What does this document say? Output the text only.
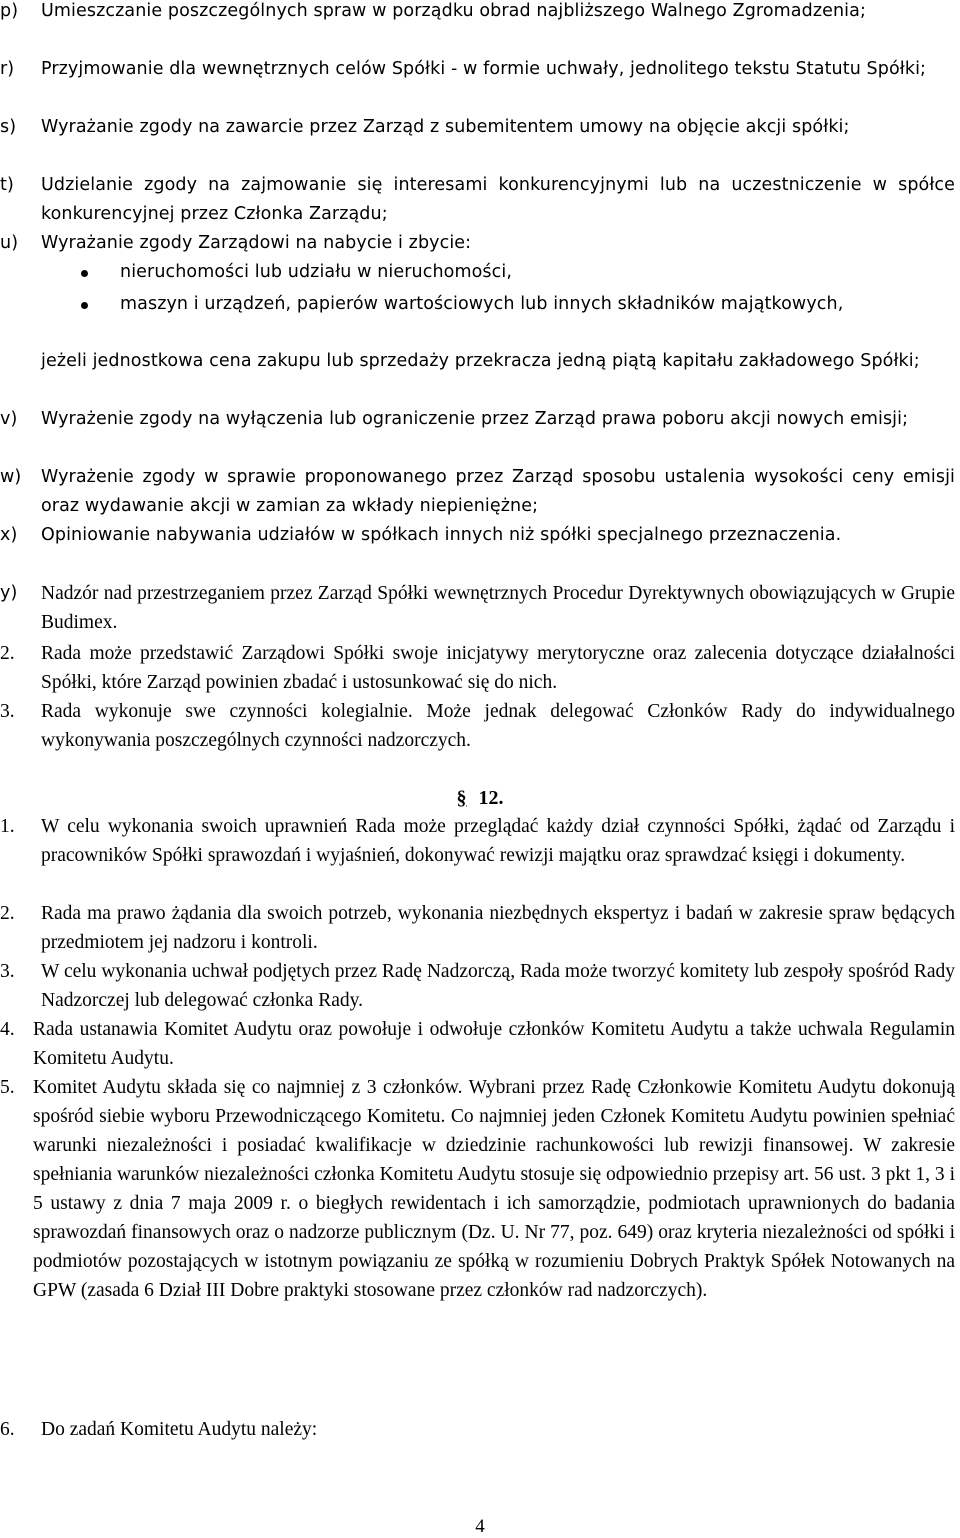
p) Umieszczanie poszczególnych spraw w porządku obrad najbliższego Walnego Zgromadzenia;
r) Przyjmowanie dla wewnętrznych celów Spółki - w formie uchwały, jednolitego tekstu Statutu Spółki;
s) Wyrażanie zgody na zawarcie przez Zarząd z subemitentem umowy na objęcie akcji spółki;
t) Udzielanie zgody na zajmowanie się interesami konkurencyjnymi lub na uczestniczenie w spółce konkurencyjnej przez Członka Zarządu;
u) Wyrażanie zgody Zarządowi na nabycie i zbycie:
nieruchomości lub udziału w nieruchomości,
maszyn i urządzeń, papierów wartościowych lub innych składników majątkowych,
jeżeli jednostkowa cena zakupu lub sprzedaży przekracza jedną piątą kapitału zakładowego Spółki;
v) Wyrażenie zgody na wyłączenia lub ograniczenie przez Zarząd prawa poboru akcji nowych emisji;
w) Wyrażenie zgody w sprawie proponowanego przez Zarząd sposobu ustalenia wysokości ceny emisji oraz wydawanie akcji w zamian za wkłady niepieniężne;
x) Opiniowanie nabywania udziałów w spółkach innych niż spółki specjalnego przeznaczenia.
y) Nadzór nad przestrzeganiem przez Zarząd Spółki wewnętrznych Procedur Dyrektywnych obowiązujących w Grupie Budimex.
2. Rada może przedstawić Zarządowi Spółki swoje inicjatywy merytoryczne oraz zalecenia dotyczące działalności Spółki, które Zarząd powinien zbadać i ustosunkować się do nich.
3. Rada wykonuje swe czynności kolegialnie. Może jednak delegować Członków Rady do indywidualnego wykonywania poszczególnych czynności nadzorczych.
§ 12.
1. W celu wykonania swoich uprawnień Rada może przeglądać każdy dział czynności Spółki, żądać od Zarządu i pracowników Spółki sprawozdań i wyjaśnień, dokonywać rewizji majątku oraz sprawdzać księgi i dokumenty.
2. Rada ma prawo żądania dla swoich potrzeb, wykonania niezbędnych ekspertyz i badań w zakresie spraw będących przedmiotem jej nadzoru i kontroli.
3. W celu wykonania uchwał podjętych przez Radę Nadzorczą, Rada może tworzyć komitety lub zespoły spośród Rady Nadzorczej lub delegować członka Rady.
4. Rada ustanawia Komitet Audytu oraz powołuje i odwołuje członków Komitetu Audytu a także uchwala Regulamin Komitetu Audytu.
5. Komitet Audytu składa się co najmniej z 3 członków. Wybrani przez Radę Członkowie Komitetu Audytu dokonują spośród siebie wyboru Przewodniczącego Komitetu. Co najmniej jeden Członek Komitetu Audytu powinien spełniać warunki niezależności i posiadać kwalifikacje w dziedzinie rachunkowości lub rewizji finansowej. W zakresie spełniania warunków niezależności członka Komitetu Audytu stosuje się odpowiednio przepisy art. 56 ust. 3 pkt 1, 3 i 5 ustawy z dnia 7 maja 2009 r. o biegłych rewidentach i ich samorządzie, podmiotach uprawnionych do badania sprawozdań finansowych oraz o nadzorze publicznym (Dz. U. Nr 77, poz. 649) oraz kryteria niezależności od spółki i podmiotów pozostających w istotnym powiązaniu ze spółką w rozumieniu Dobrych Praktyk Spółek Notowanych na GPW (zasada 6 Dział III Dobre praktyki stosowane przez członków rad nadzorczych).
6. Do zadań Komitetu Audytu należy:
4
